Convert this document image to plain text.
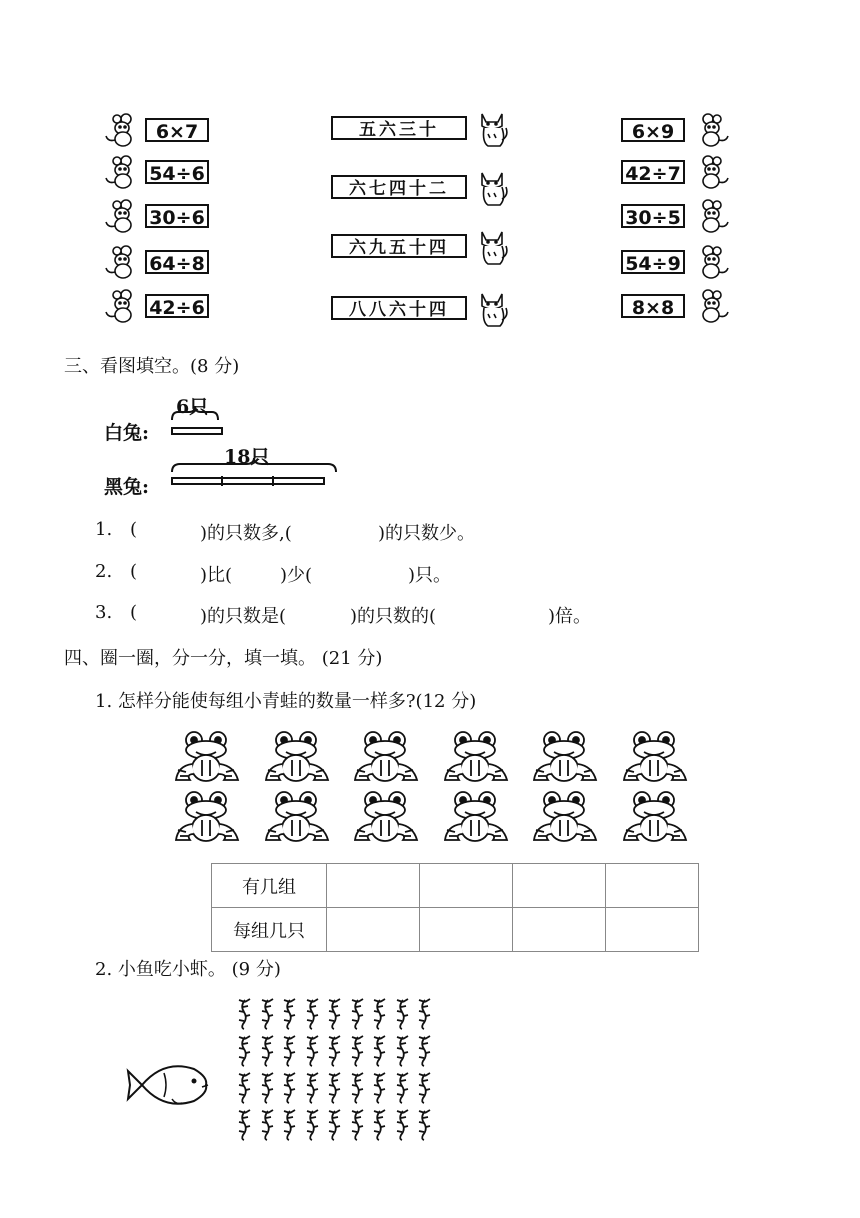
6×7
54÷6
30÷6
64÷8
42÷6
五六三十
六七四十二
六九五十四
八八六十四
6×9
42÷7
30÷5
54÷9
8×8
三、看图填空。(8 分)
白兔:
6只
黑兔:
18只
1. (	)的只数多,(	)的只数少。
2. (	)比(	)少(	)只。
3. (	)的只数是(	)的只数的(	)倍。
四、圈一圈，分一分，填一填。 (21 分)
1. 怎样分能使每组小青蛙的数量一样多?(12 分)
有几组				
每组几只				
2. 小鱼吃小虾。 (9 分)
